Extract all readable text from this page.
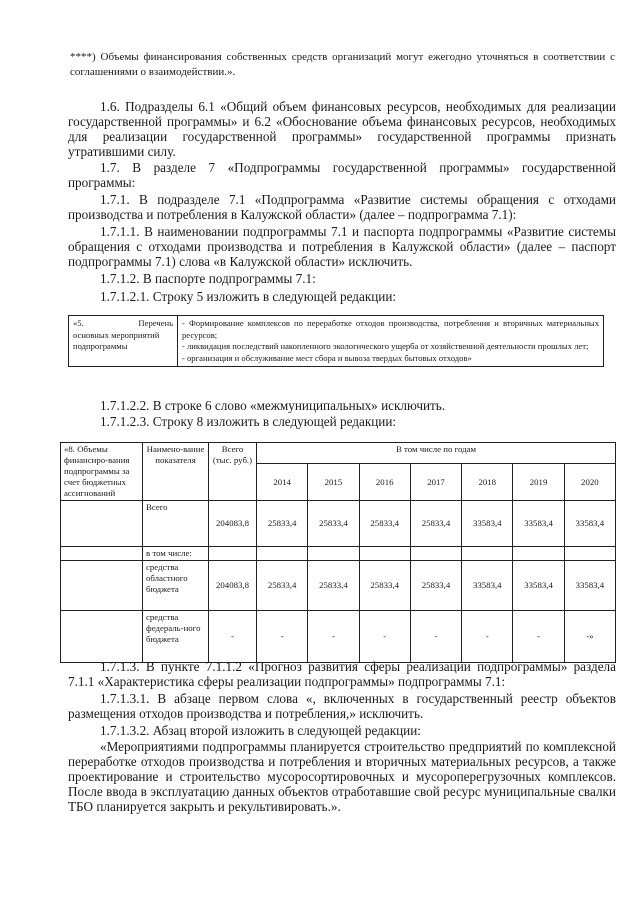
****) Объемы финансирования собственных средств организаций могут ежегодно уточняться в соответствии с соглашениями о взаимодействии.».

1.6. Подразделы 6.1 «Общий объем финансовых ресурсов, необходимых для реализации государственной программы» и 6.2 «Обоснование объема финансовых ресурсов, необходимых для реализации государственной программы» государственной программы признать утратившими силу.

1.7. В разделе 7 «Подпрограммы государственной программы» государственной программы:

1.7.1. В подразделе 7.1 «Подпрограмма «Развитие системы обращения с отходами производства и потребления в Калужской области» (далее – подпрограмма 7.1):

1.7.1.1. В наименовании подпрограммы 7.1 и паспорта подпрограммы «Развитие системы обращения с отходами производства и потребления в Калужской области» (далее – паспорт подпрограммы 7.1) слова «в Калужской области» исключить.

1.7.1.2. В паспорте подпрограммы 7.1:

1.7.1.2.1. Строку 5 изложить в следующей редакции:

«5.	Перечень
основных мероприятий подпрограммы

- Формирование комплексов по переработке отходов производства, потребления и вторичных материальных ресурсов;
- ликвидация последствий накопленного экологического ущерба от хозяйственной деятельности прошлых лет;
- организация и обслуживание мест сбора и вывоза твердых бытовых отходов»

1.7.1.2.2. В строке 6 слово «межмуниципальных» исключить.

1.7.1.2.3. Строку 8 изложить в следующей редакции:

«8. Объемы финансиро-вания подпрограммы за счет бюджетных ассигнований	Наимено-вание показателя	Всего (тыс. руб.)	В том числе по годам						
			2014	2015	2016	2017	2018	2019	2020
	Всего	204083,8	25833,4	25833,4	25833,4	25833,4	33583,4	33583,4	33583,4
	в том числе:								
	средства областного бюджета	204083,8	25833,4	25833,4	25833,4	25833,4	33583,4	33583,4	33583,4
	средства федераль-ного бюджета	-	-	-	-	-	-	-	-»

1.7.1.3. В пункте 7.1.1.2 «Прогноз развития сферы реализации подпрограммы» раздела 7.1.1 «Характеристика сферы реализации подпрограммы» подпрограммы 7.1:

1.7.1.3.1. В абзаце первом слова «, включенных в государственный реестр объектов размещения отходов производства и потребления,» исключить.

1.7.1.3.2. Абзац второй изложить в следующей редакции:

«Мероприятиями подпрограммы планируется строительство предприятий по комплексной переработке отходов производства и потребления и вторичных материальных ресурсов, а также проектирование и строительство мусоросортировочных и мусороперегрузочных комплексов. После ввода в эксплуатацию данных объектов отработавшие свой ресурс муниципальные свалки ТБО планируется закрыть и рекультивировать.».
